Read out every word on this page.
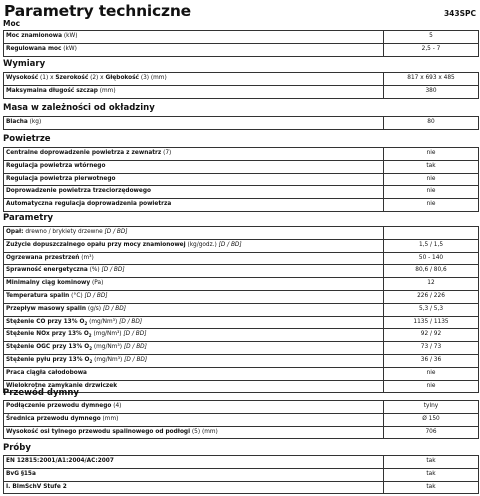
Parametry techniczne	343SPC
Moc
Moc znamionowa (kW)	5
Regulowana moc (kW)	2,5 - 7
Wymiary
Wysokość (1) x Szerokość (2) x Głębokość (3) (mm)	817 x 693 x 485
Maksymalna długość szczap (mm)	380
Masa w zależności od okładziny
Blacha (kg)	80
Powietrze
Centralne doprowadzenie powietrza z zewnatrz (7)	nie
Regulacja powietrza wtórnego	tak
Regulacja powietrza pierwotnego	nie
Doprowadzenie powietrza trzeciorzędowego	nie
Automatyczna regulacja doprowadzenia powietrza	nie
Parametry
Opał: drewno / brykiety drzewne [D / BD]
Zużycie dopuszczalnego opału przy mocy znamionowej (kg/godz.) [D / BD]	1,5 / 1,5
Ogrzewana przestrzeń (m³)	50 - 140
Sprawność energetyczna (%) [D / BD]	80,6 / 80,6
Minimalny ciąg kominowy (Pa)	12
Temperatura spalin (°C) [D / BD]	226 / 226
Przepływ masowy spalin (g/s) [D / BD]	5,3 / 5,3
Stężenie CO przy 13% $O_2$ (mg/Nm³) [D / BD]	1135 / 1135
Stężenie NOx przy 13% $O_2$ (mg/Nm³) [D / BD]	92 / 92
Stężenie OGC przy 13% $O_2$ (mg/Nm³) [D / BD]	73 / 73
Stężenie pyłu przy 13% $O_2$ (mg/Nm³) [D / BD]	36 / 36
Praca ciągła całodobowa	nie
Wielokrotne zamykanie drzwiczek	nie
Przewód dymny
Podłączenie przewodu dymnego (4)	tylny
Średnica przewodu dymnego (mm)	Ø 150
Wysokość osi tylnego przewodu spalinowego od podłogi (5) (mm)	706
Próby
EN 12815:2001/A1:2004/AC:2007	tak
BvG §15a	tak
I. BImSchV Stufe 2	tak
